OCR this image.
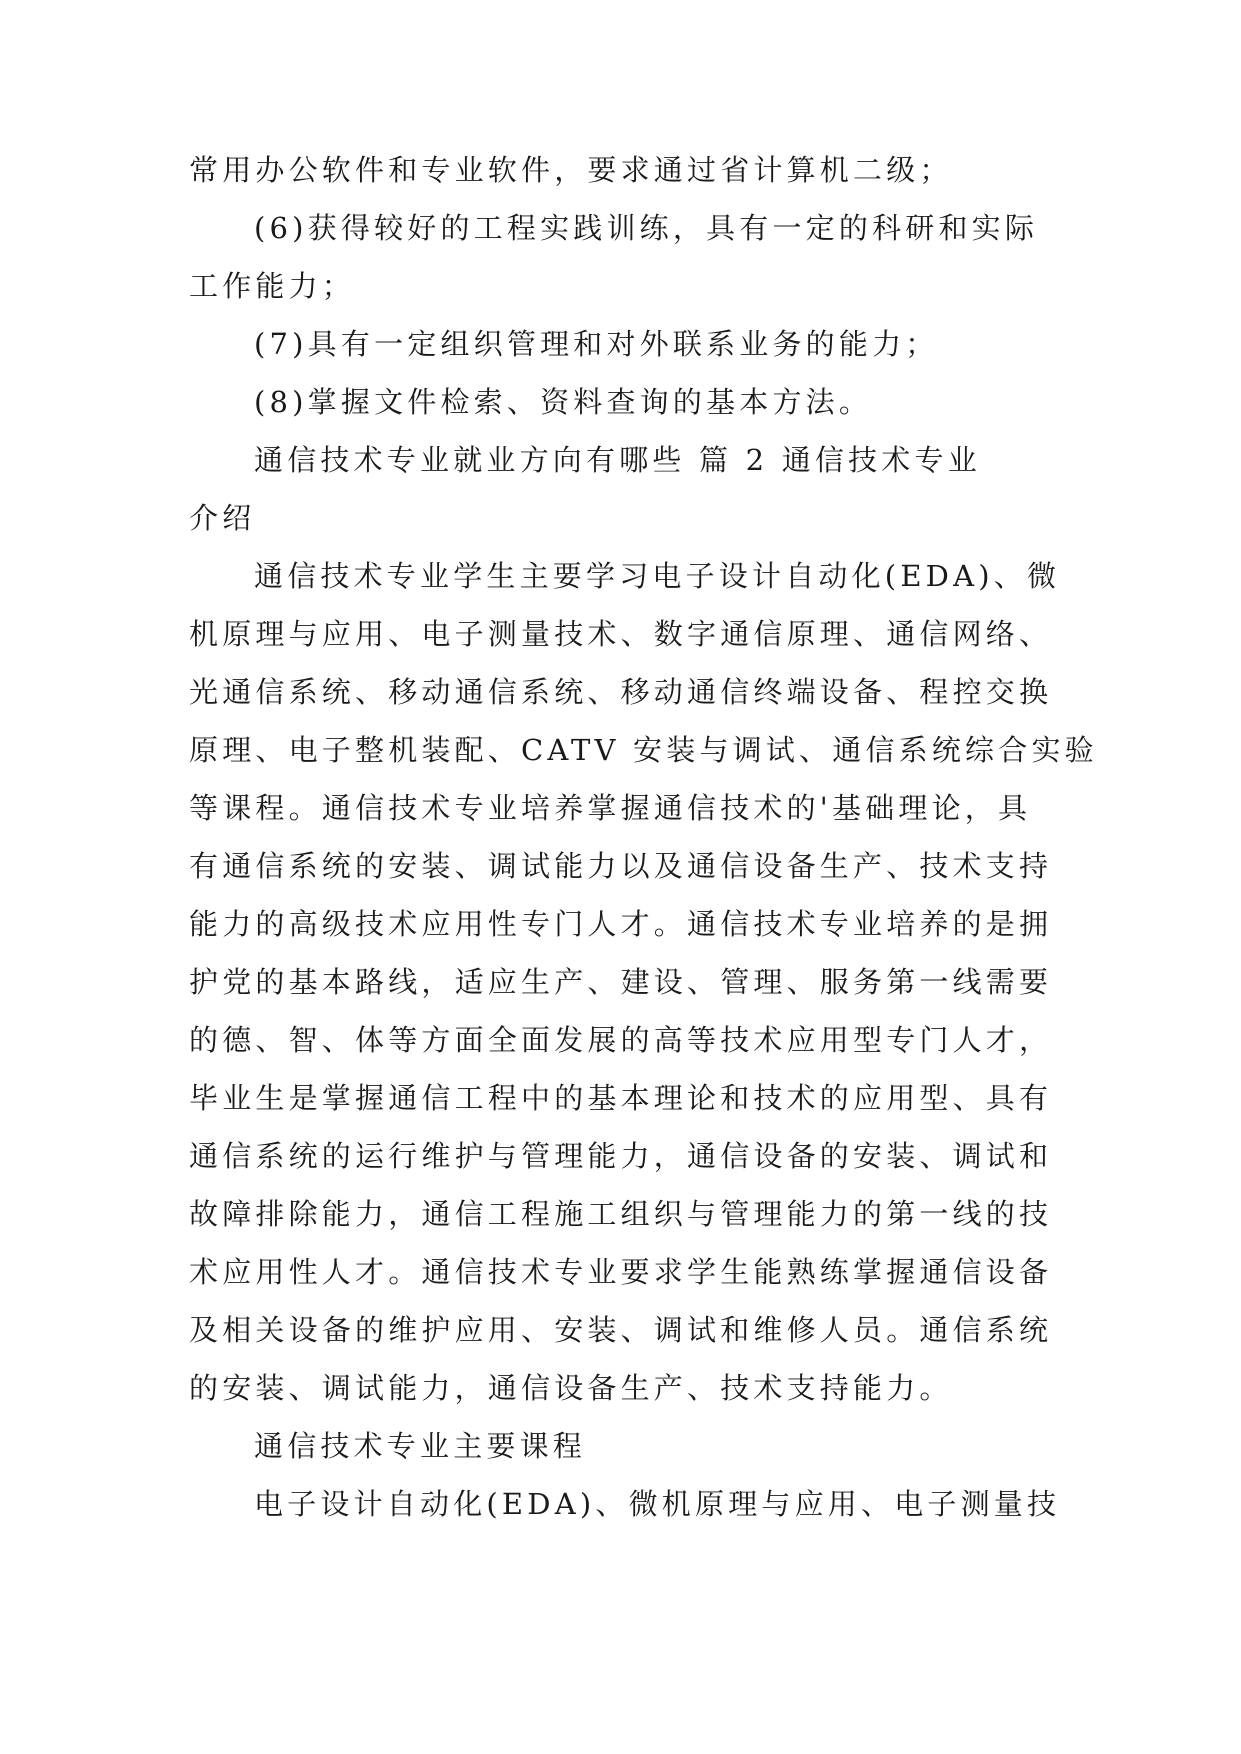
常用办公软件和专业软件，要求通过省计算机二级；
(6)获得较好的工程实践训练，具有一定的科研和实际
工作能力；
(7)具有一定组织管理和对外联系业务的能力；
(8)掌握文件检索、资料查询的基本方法。
通信技术专业就业方向有哪些 篇 2 通信技术专业
介绍
通信技术专业学生主要学习电子设计自动化(EDA)、微
机原理与应用、电子测量技术、数字通信原理、通信网络、
光通信系统、移动通信系统、移动通信终端设备、程控交换
原理、电子整机装配、CATV 安装与调试、通信系统综合实验
等课程。通信技术专业培养掌握通信技术的'基础理论，具
有通信系统的安装、调试能力以及通信设备生产、技术支持
能力的高级技术应用性专门人才。通信技术专业培养的是拥
护党的基本路线，适应生产、建设、管理、服务第一线需要
的德、智、体等方面全面发展的高等技术应用型专门人才，
毕业生是掌握通信工程中的基本理论和技术的应用型、具有
通信系统的运行维护与管理能力，通信设备的安装、调试和
故障排除能力，通信工程施工组织与管理能力的第一线的技
术应用性人才。通信技术专业要求学生能熟练掌握通信设备
及相关设备的维护应用、安装、调试和维修人员。通信系统
的安装、调试能力，通信设备生产、技术支持能力。
通信技术专业主要课程
电子设计自动化(EDA)、微机原理与应用、电子测量技
